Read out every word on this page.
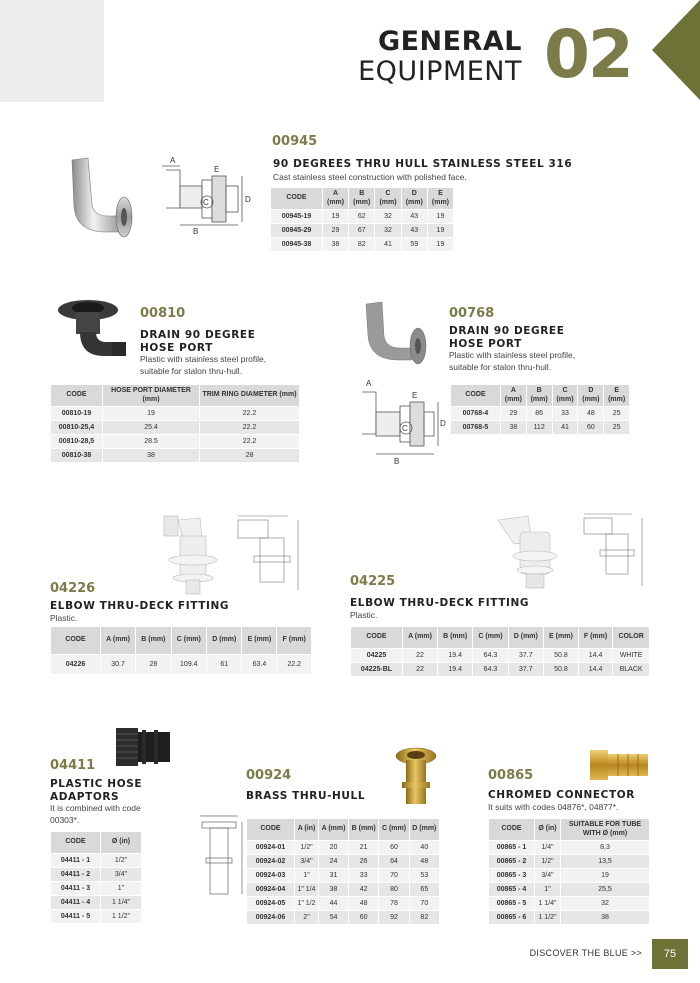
GENERAL
EQUIPMENT 02
A
B
C	D
E
00945
90 DEGREES THRU HULL STAINLESS STEEL 316
Cast stainless steel construction with polished face.
CODE	A (mm)	B (mm)	C (mm)	D (mm)	E (mm)
00945-19	19	62	32	43	19
00945-29	29	67	32	43	19
00945-38	38	82	41	59	19
00810
DRAIN 90 DEGREE
HOSE PORT
Plastic with stainless steel profile,
suitable for stalon thru-hull.
CODE	HOSE PORT DIAMETER (mm)	TRIM RING DIAMETER (mm)
00810-19	19	22.2
00810-25,4	25.4	22.2
00810-28,5	28.5	22.2
00810-38	38	28
A
B
C
D
E
00768
DRAIN 90 DEGREE
HOSE PORT
Plastic with stainless steel profile,
suitable for stalon thru-hull.
CODE	A (mm)	B (mm)	C (mm)	D (mm)	E (mm)
00768-4	29	86	33	48	25
00768-5	38	112	41	60	25
04226
ELBOW THRU-DECK FITTING
Plastic.
CODE	A (mm)	B (mm)	C (mm)	D (mm)	E (mm)	F (mm)
04226	30.7	28	109.4	61	63.4	22.2
04225
ELBOW THRU-DECK FITTING
Plastic.
CODE	A (mm)	B (mm)	C (mm)	D (mm)	E (mm)	F (mm)	COLOR
04225	22	19.4	64.3	37.7	50.8	14.4	WHITE
04225-BL	22	19.4	64.3	37.7	50.8	14.4	BLACK
04411
PLASTIC HOSE
ADAPTORS
It is combined with code
00303*.
CODE	Ø (in)
04411 - 1	1/2"
04411 - 2	3/4"
04411 - 3	1"
04411 - 4	1 1/4"
04411 - 5	1 1/2"
00924
BRASS THRU-HULL
CODE	A (in)	A (mm)	B (mm)	C (mm)	D (mm)
00924-01	1/2"	20	21	60	40
00924-02	3/4"	24	26	64	48
00924-03	1"	31	33	70	53
00924-04	1" 1/4	38	42	80	65
00924-05	1" 1/2	44	48	78	70
00924-06	2"	54	60	92	82
00865
CHROMED CONNECTOR
It suits with codes 04876*, 04877*.
CODE	Ø (in)	SUITABLE FOR TUBE WITH Ø (mm)
00865 - 1	1/4"	8,3
00865 - 2	1/2"	13,5
00865 - 3	3/4"	19
00865 - 4	1"	25,5
00865 - 5	1 1/4"	32
00865 - 6	1 1/2"	38
DISCOVER THE BLUE >>	75
